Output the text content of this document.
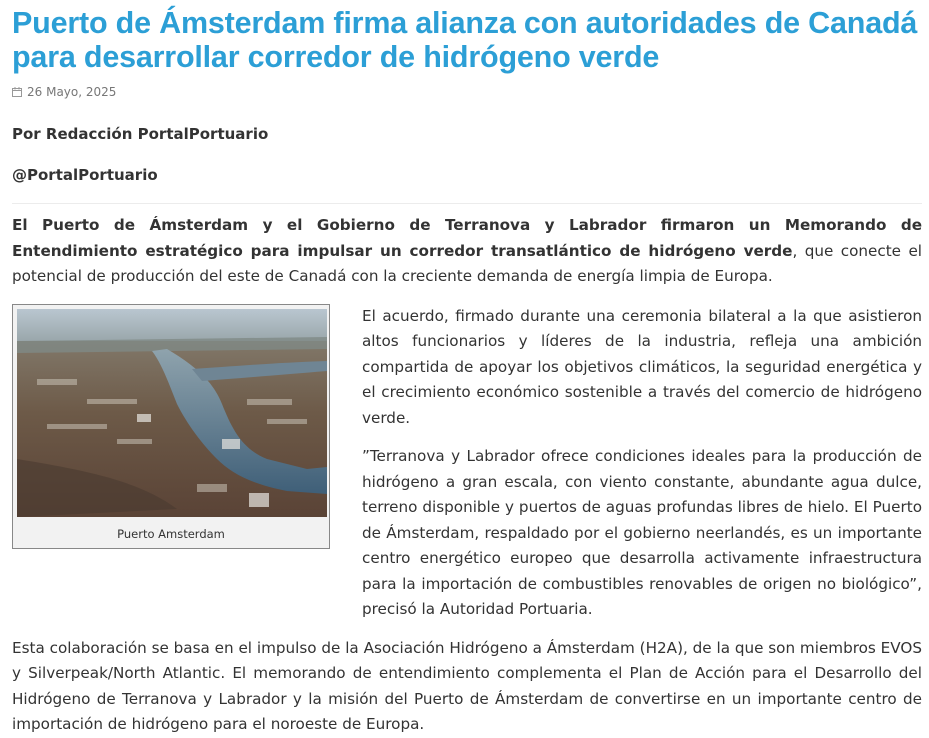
Puerto de Ámsterdam firma alianza con autoridades de Canadá para desarrollar corredor de hidrógeno verde
26 Mayo, 2025
Por Redacción PortalPortuario
@PortalPortuario

El Puerto de Ámsterdam y el Gobierno de Terranova y Labrador firmaron un Memorando de Entendimiento estratégico para impulsar un corredor transatlántico de hidrógeno verde, que conecte el potencial de producción del este de Canadá con la creciente demanda de energía limpia de Europa.

Puerto Amsterdam

El acuerdo, firmado durante una ceremonia bilateral a la que asistieron altos funcionarios y líderes de la industria, refleja una ambición compartida de apoyar los objetivos climáticos, la seguridad energética y el crecimiento económico sostenible a través del comercio de hidrógeno verde.

”Terranova y Labrador ofrece condiciones ideales para la producción de hidrógeno a gran escala, con viento constante, abundante agua dulce, terreno disponible y puertos de aguas profundas libres de hielo. El Puerto de Ámsterdam, respaldado por el gobierno neerlandés, es un importante centro energético europeo que desarrolla activamente infraestructura para la importación de combustibles renovables de origen no biológico”, precisó la Autoridad Portuaria.

Esta colaboración se basa en el impulso de la Asociación Hidrógeno a Ámsterdam (H2A), de la que son miembros EVOS y Silverpeak/North Atlantic. El memorando de entendimiento complementa el Plan de Acción para el Desarrollo del Hidrógeno de Terranova y Labrador y la misión del Puerto de Ámsterdam de convertirse en un importante centro de importación de hidrógeno para el noroeste de Europa.
